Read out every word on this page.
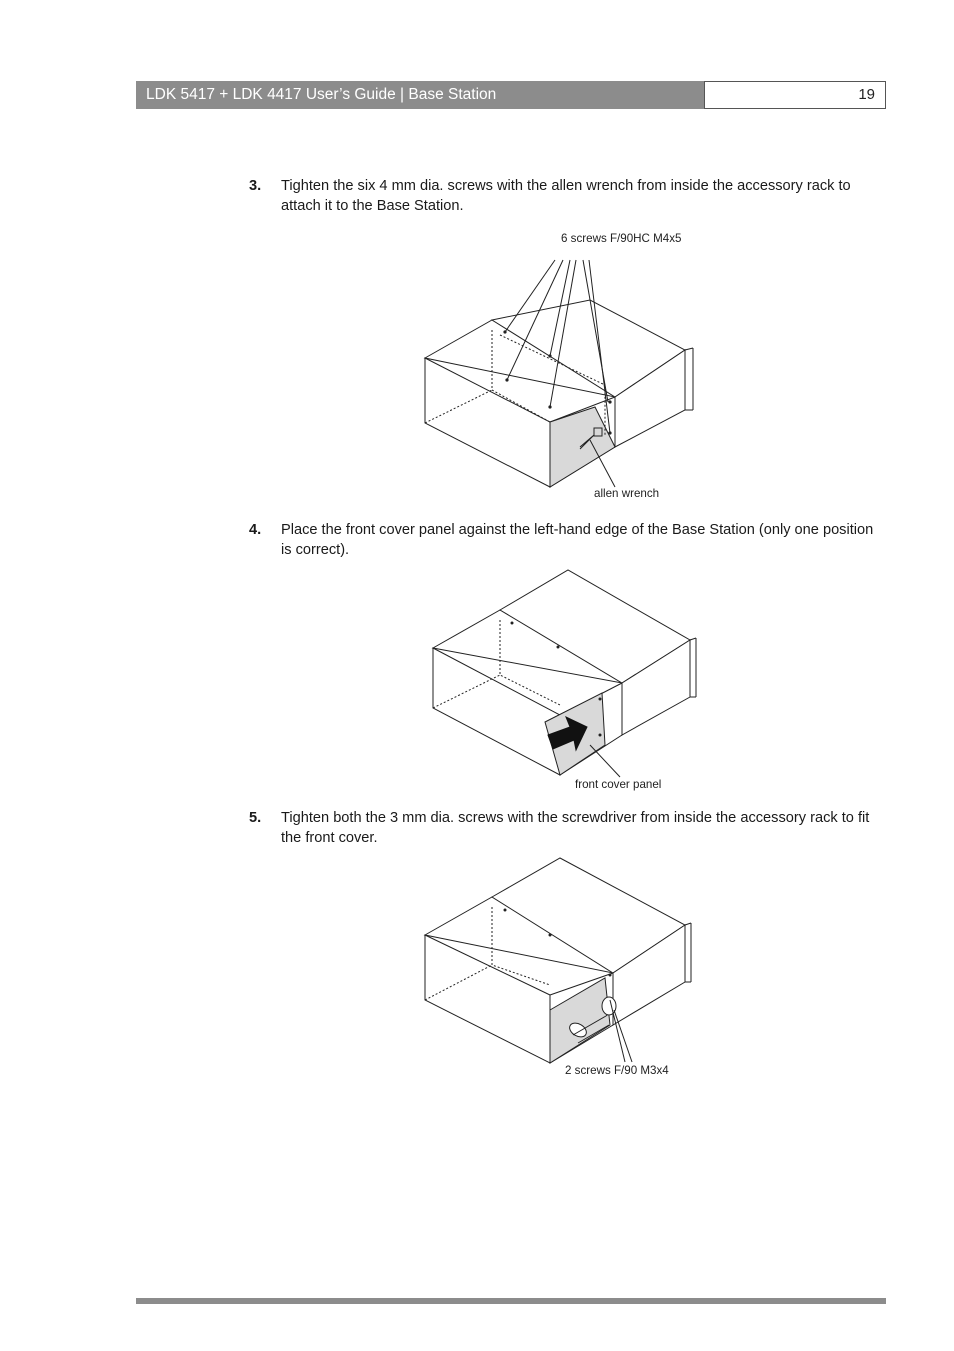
LDK 5417 + LDK 4417 User’s Guide | Base Station	19
3. Tighten the six 4 mm dia. screws with the allen wrench from inside the accessory rack to attach it to the Base Station.
6 screws F/90HC M4x5
allen wrench
4. Place the front cover panel against the left-hand edge of the Base Station (only one position is correct).
front cover panel
5. Tighten both the 3 mm dia. screws with the screwdriver from inside the accessory rack to fit the front cover.
2 screws F/90 M3x4
